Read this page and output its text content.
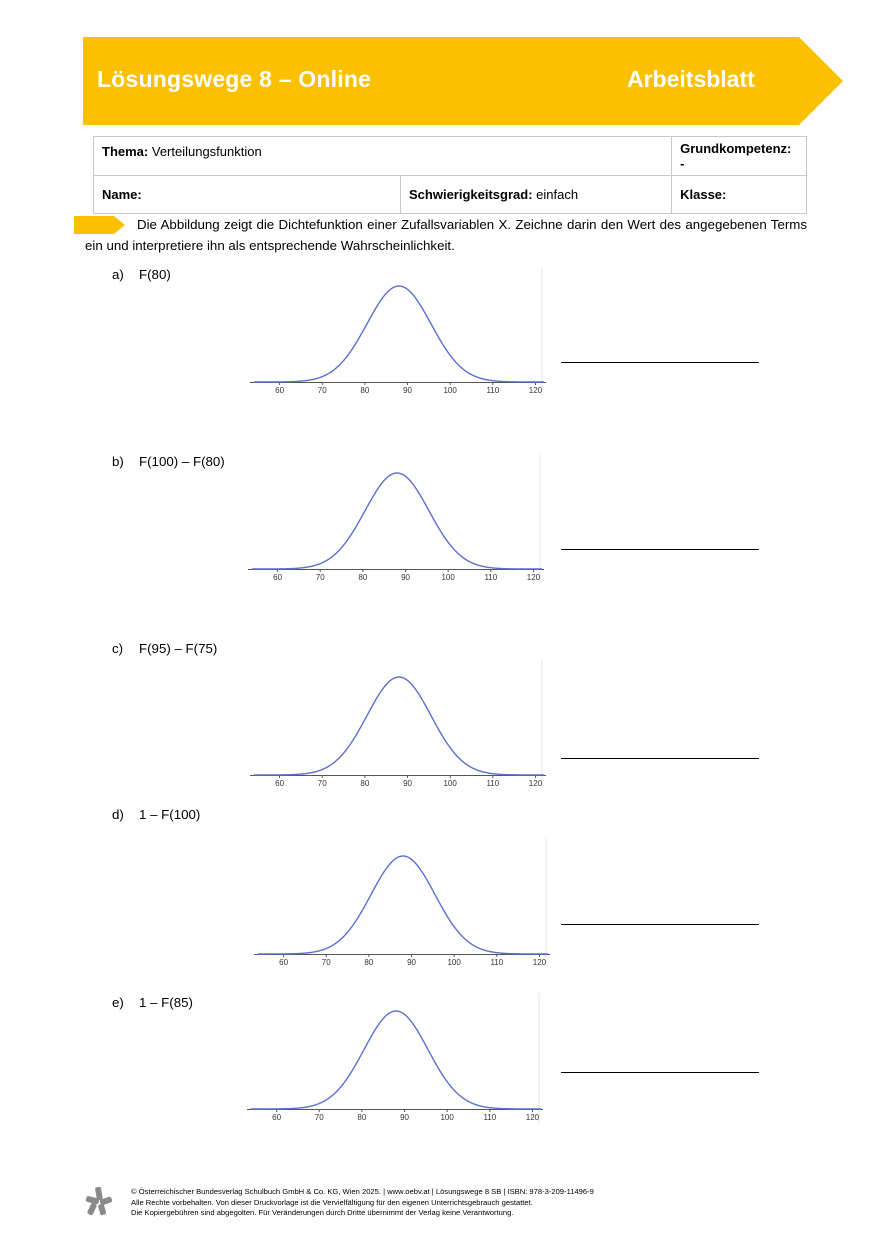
Lösungswege 8 – Online	Arbeitsblatt
Thema: Verteilungsfunktion		Grundkompetenz: -
Name:	Schwierigkeitsgrad: einfach	Klasse:
Die Abbildung zeigt die Dichtefunktion einer Zufallsvariablen X. Zeichne darin den Wert des angegebenen Terms ein und interpretiere ihn als entsprechende Wahrscheinlichkeit.
a) F(80)
60	70	80	90	100	110	120
b) F(100) – F(80)
60	70	80	90	100	110	120
c) F(95) – F(75)
60	70	80	90	100	110	120
d) 1 – F(100)
60	70	80	90	100	110	120
e) 1 – F(85)
60	70	80	90	100	110	120
© Österreichischer Bundesverlag Schulbuch GmbH & Co. KG, Wien 2025. | www.oebv.at | Lösungswege 8 SB | ISBN: 978-3-209-11496-9
Alle Rechte vorbehalten. Von dieser Druckvorlage ist die Vervielfältigung für den eigenen Unterrichtsgebrauch gestattet.
Die Kopiergebühren sind abgegolten. Für Veränderungen durch Dritte übernimmt der Verlag keine Verantwortung.
